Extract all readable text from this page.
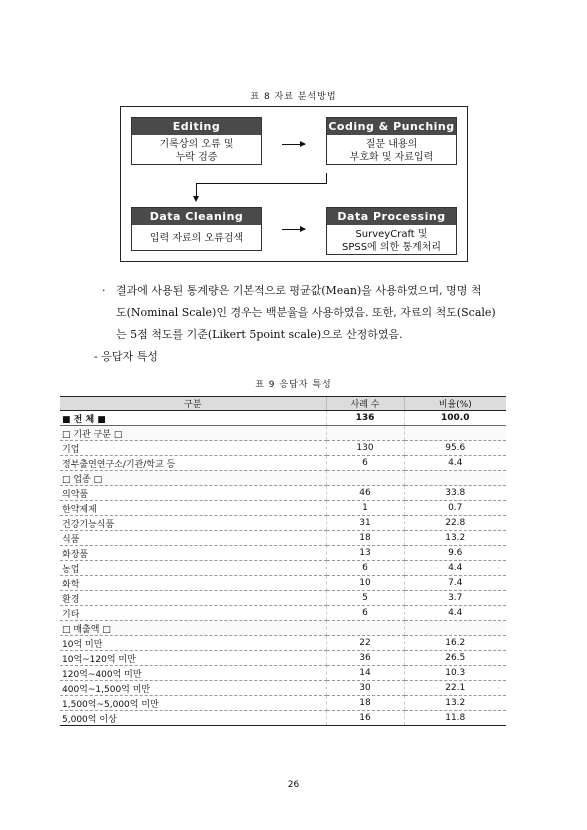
표 8 자료 분석방법
Editing
기록상의 오류 및
누락 검증
Coding & Punching
질문 내용의
부호화 및 자료입력
Data Cleaning
입력 자료의 오류검색
Data Processing
SurveyCraft 및
SPSS에 의한 통계처리
· 결과에 사용된 통계량은 기본적으로 평균값(Mean)을 사용하였으며, 명명 척
도(Nominal Scale)인 경우는 백분율을 사용하였음. 또한, 자료의 척도(Scale)
는 5점 척도를 기준(Likert 5point scale)으로 산정하였음.
- 응답자 특성
표 9 응답자 특성
구분	사례 수	비율(%)
■ 전 체 ■	136	100.0
□ 기관 구분 □		
기업	130	95.6
정부출연연구소/기관/학교 등	6	4.4
□ 업종 □		
의약품	46	33.8
한약제제	1	0.7
건강기능식품	31	22.8
식품	18	13.2
화장품	13	9.6
농업	6	4.4
화학	10	7.4
환경	5	3.7
기타	6	4.4
□ 매출액 □		
10억 미만	22	16.2
10억~120억 미만	36	26.5
120억~400억 미만	14	10.3
400억~1,500억 미만	30	22.1
1,500억~5,000억 미만	18	13.2
5,000억 이상	16	11.8
26
